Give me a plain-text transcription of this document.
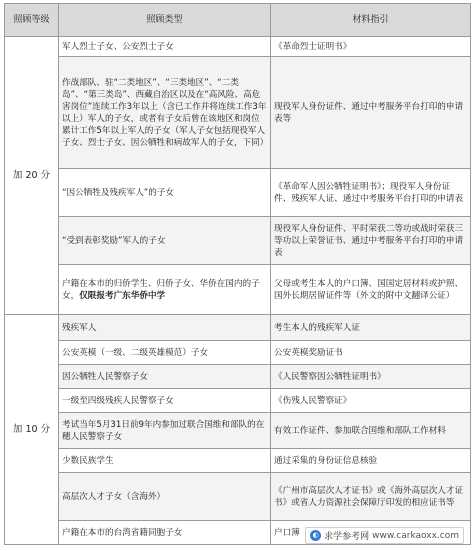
照顾等级	照顾类型	材料指引
加 20 分	军人烈士子女、公安烈士子女	《革命烈士证明书》
	作战部队、驻“二类地区”、“三类地区”、“二类岛”、“第三类岛”、西藏自治区以及在“高风险、高危害岗位”连续工作3年以上（含已工作并将连续工作3年以上）军人的子女，或者有子女后曾在该地区和岗位累计工作5年以上军人的子女（军人子女包括现役军人子女、烈士子女、因公牺牲和病故军人的子女，下同）	现役军人身份证件、通过中考服务平台打印的申请表等
	“因公牺牲及残疾军人”的子女	《革命军人因公牺牲证明书》；现役军人身份证件、残疾军人证、通过中考服务平台打印的申请表
	“受到表彰奖励”军人的子女	现役军人身份证件、平时荣获二等功或战时荣获三等功以上荣誉证书、通过中考服务平台打印的申请表
	户籍在本市的归侨学生、归侨子女、华侨在国内的子女，仅限报考广东华侨中学	父母或考生本人的户口簿、国国定居材料或护照、国外长期居留证件等（外文的附中文翻译公证）
加 10 分	残疾军人	考生本人的残疾军人证
	公安英模（一级、二级英雄模范）子女	公安英模奖励证书
	因公牺牲人民警察子女	《人民警察因公牺牲证明书》
	一级至四级残疾人民警察子女	《伤残人民警察证》
	考试当年5月31日前9年内参加过联合国维和部队的在穗人民警察子女	有效工作证件、参加联合国维和部队工作材料
	少数民族学生	通过采集的身份证信息核验
	高层次人才子女（含海外）	《广州市高层次人才证书》或《海外高层次人才证书》或省人力资源社会保障厅印发的相应证书等
	户籍在本市的台湾省籍同胞子女	户口簿	◐ 求学参考网 www.carkaoxx.com
